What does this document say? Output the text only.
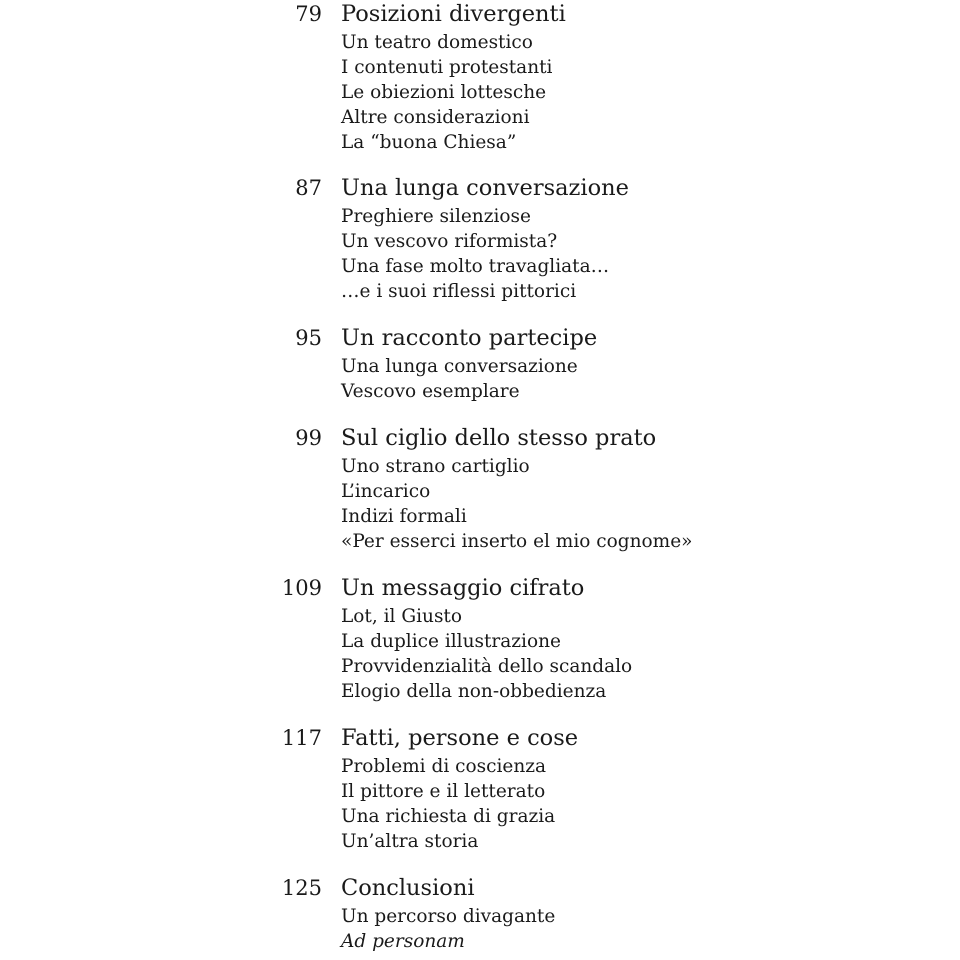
79 Posizioni divergenti
Un teatro domestico
I contenuti protestanti
Le obiezioni lottesche
Altre considerazioni
La “buona Chiesa”
87 Una lunga conversazione
Preghiere silenziose
Un vescovo riformista?
Una fase molto travagliata…
…e i suoi riflessi pittorici
95 Un racconto partecipe
Una lunga conversazione
Vescovo esemplare
99 Sul ciglio dello stesso prato
Uno strano cartiglio
L’incarico
Indizi formali
«Per esserci inserto el mio cognome»
109 Un messaggio cifrato
Lot, il Giusto
La duplice illustrazione
Provvidenzialità dello scandalo
Elogio della non-obbedienza
117 Fatti, persone e cose
Problemi di coscienza
Il pittore e il letterato
Una richiesta di grazia
Un’altra storia
125 Conclusioni
Un percorso divagante
Ad personam
